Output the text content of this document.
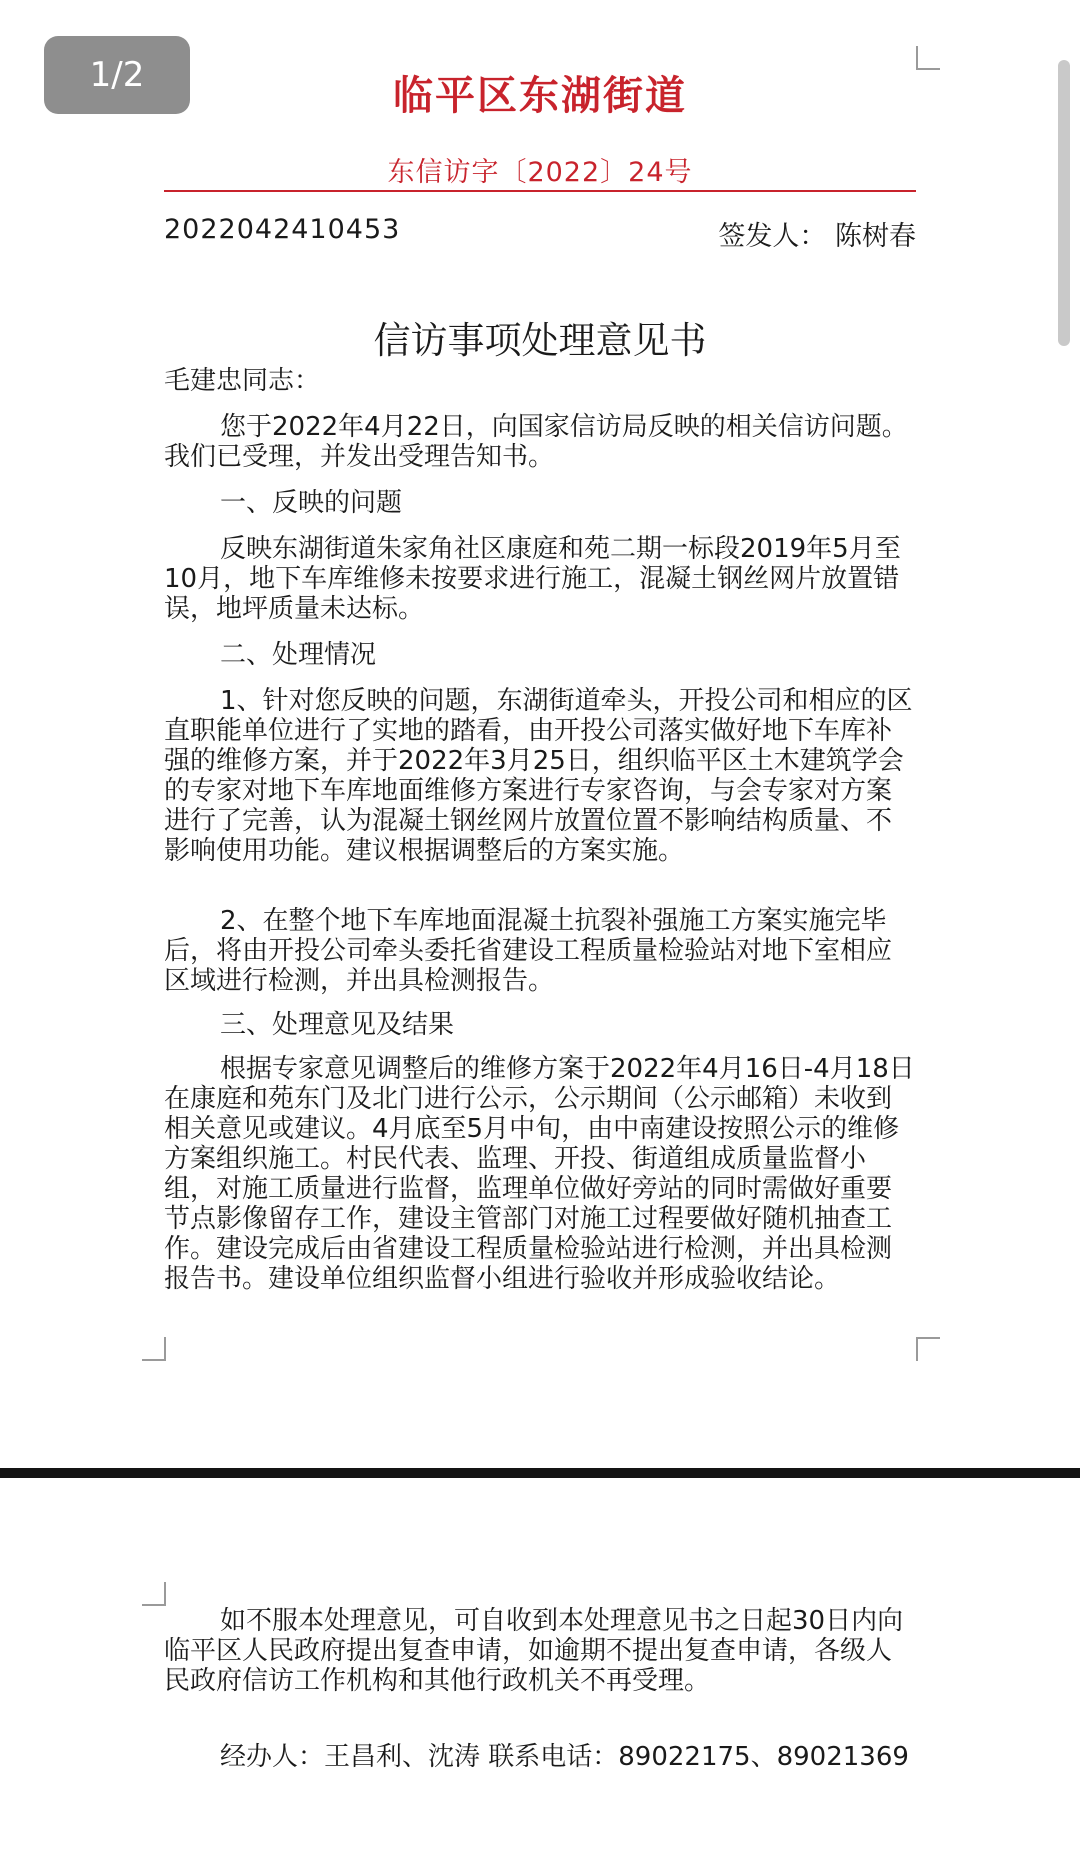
临平区东湖街道
东信访字〔2022〕24号
2022042410453	签发人： 陈树春
信访事项处理意见书

毛建忠同志：

您于2022年4月22日，向国家信访局反映的相关信访问题。我们已受理，并发出受理告知书。

一、反映的问题

反映东湖街道朱家角社区康庭和苑二期一标段2019年5月至10月，地下车库维修未按要求进行施工，混凝土钢丝网片放置错误，地坪质量未达标。

二、处理情况

1、针对您反映的问题，东湖街道牵头，开投公司和相应的区直职能单位进行了实地的踏看，由开投公司落实做好地下车库补强的维修方案，并于2022年3月25日，组织临平区土木建筑学会的专家对地下车库地面维修方案进行专家咨询，与会专家对方案进行了完善，认为混凝土钢丝网片放置位置不影响结构质量、不影响使用功能。建议根据调整后的方案实施。

2、在整个地下车库地面混凝土抗裂补强施工方案实施完毕后，将由开投公司牵头委托省建设工程质量检验站对地下室相应区域进行检测，并出具检测报告。

三、处理意见及结果

根据专家意见调整后的维修方案于2022年4月16日-4月18日在康庭和苑东门及北门进行公示，公示期间（公示邮箱）未收到相关意见或建议。4月底至5月中旬，由中南建设按照公示的维修方案组织施工。村民代表、监理、开投、街道组成质量监督小组，对施工质量进行监督，监理单位做好旁站的同时需做好重要节点影像留存工作，建设主管部门对施工过程要做好随机抽查工作。建设完成后由省建设工程质量检验站进行检测，并出具检测报告书。建设单位组织监督小组进行验收并形成验收结论。

如不服本处理意见，可自收到本处理意见书之日起30日内向临平区人民政府提出复查申请，如逾期不提出复查申请，各级人民政府信访工作机构和其他行政机关不再受理。

经办人：王昌利、沈涛 联系电话：89022175、89021369

1/2
